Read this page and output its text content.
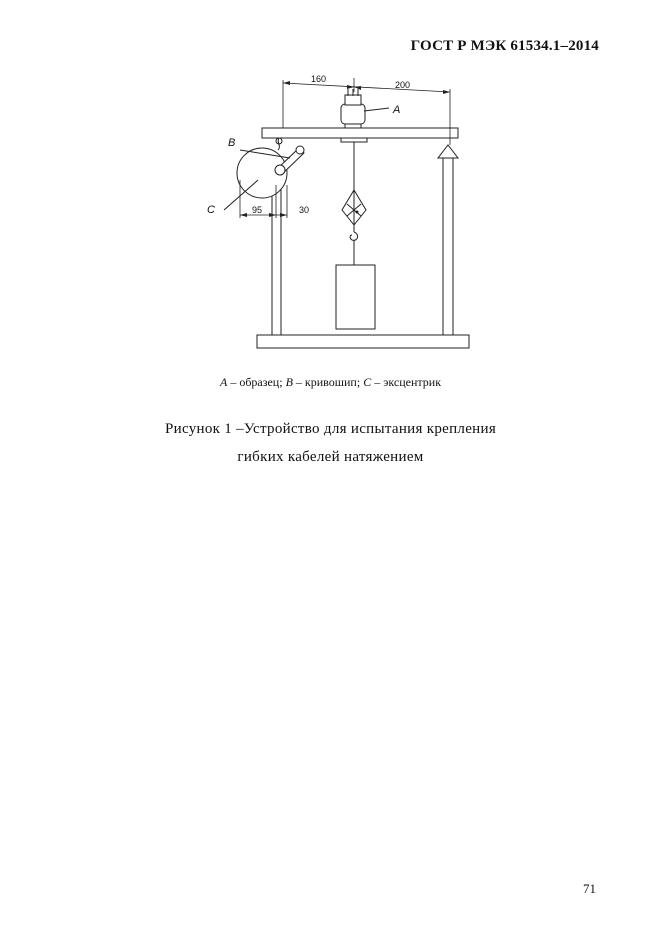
ГОСТ Р МЭК 61534.1–2014
160
200
95	30
A
B
C
A – образец; B – кривошип; C – эксцентрик
Рисунок 1 –Устройство для испытания крепления
гибких кабелей натяжением
71
